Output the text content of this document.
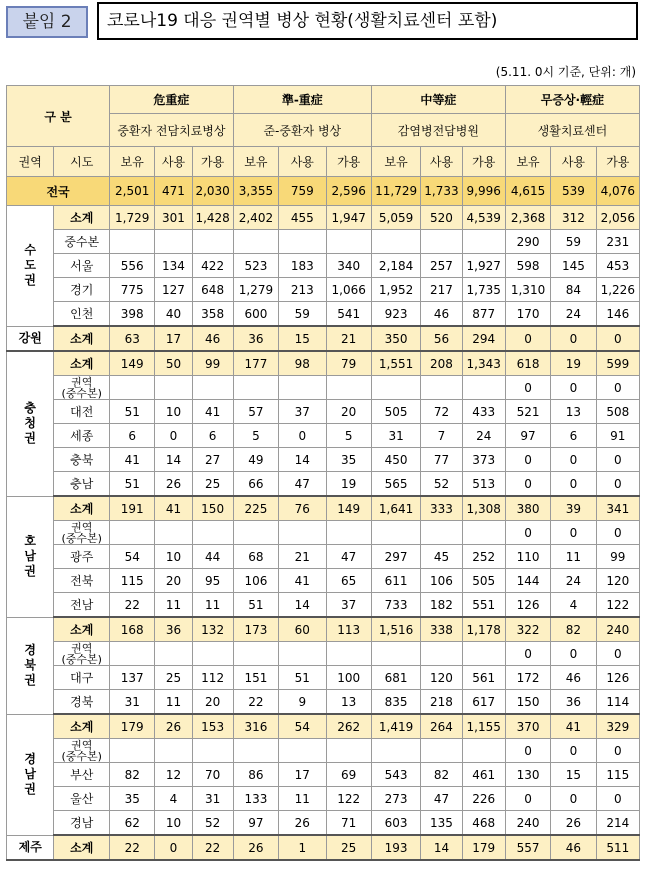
붙임 2	코로나19 대응 권역별 병상 현황(생활치료센터 포함)
(5.11. 0시 기준, 단위: 개)
구 분		危重症			準-重症			中等症			무증상·輕症		
		중환자 전담치료병상			준-중환자 병상			감염병전담병원			생활치료센터		
권역	시도	보유	사용	가용	보유	사용	가용	보유	사용	가용	보유	사용	가용
전국		2,501	471	2,030	3,355	759	2,596	11,729	1,733	9,996	4,615	539	4,076
수
도
권	소계	1,729	301	1,428	2,402	455	1,947	5,059	520	4,539	2,368	312	2,056
	중수본										290	59	231
	서울	556	134	422	523	183	340	2,184	257	1,927	598	145	453
	경기	775	127	648	1,279	213	1,066	1,952	217	1,735	1,310	84	1,226
	인천	398	40	358	600	59	541	923	46	877	170	24	146
강원	소계	63	17	46	36	15	21	350	56	294	0	0	0
충
청
권	소계	149	50	99	177	98	79	1,551	208	1,343	618	19	599
	권역
(중수본)										0	0	0
	대전	51	10	41	57	37	20	505	72	433	521	13	508
	세종	6	0	6	5	0	5	31	7	24	97	6	91
	충북	41	14	27	49	14	35	450	77	373	0	0	0
	충남	51	26	25	66	47	19	565	52	513	0	0	0
호
남
권	소계	191	41	150	225	76	149	1,641	333	1,308	380	39	341
	권역
(중수본)										0	0	0
	광주	54	10	44	68	21	47	297	45	252	110	11	99
	전북	115	20	95	106	41	65	611	106	505	144	24	120
	전남	22	11	11	51	14	37	733	182	551	126	4	122
경
북
권	소계	168	36	132	173	60	113	1,516	338	1,178	322	82	240
	권역
(중수본)										0	0	0
	대구	137	25	112	151	51	100	681	120	561	172	46	126
	경북	31	11	20	22	9	13	835	218	617	150	36	114
경
남
권	소계	179	26	153	316	54	262	1,419	264	1,155	370	41	329
	권역
(중수본)										0	0	0
	부산	82	12	70	86	17	69	543	82	461	130	15	115
	울산	35	4	31	133	11	122	273	47	226	0	0	0
	경남	62	10	52	97	26	71	603	135	468	240	26	214
제주	소계	22	0	22	26	1	25	193	14	179	557	46	511
